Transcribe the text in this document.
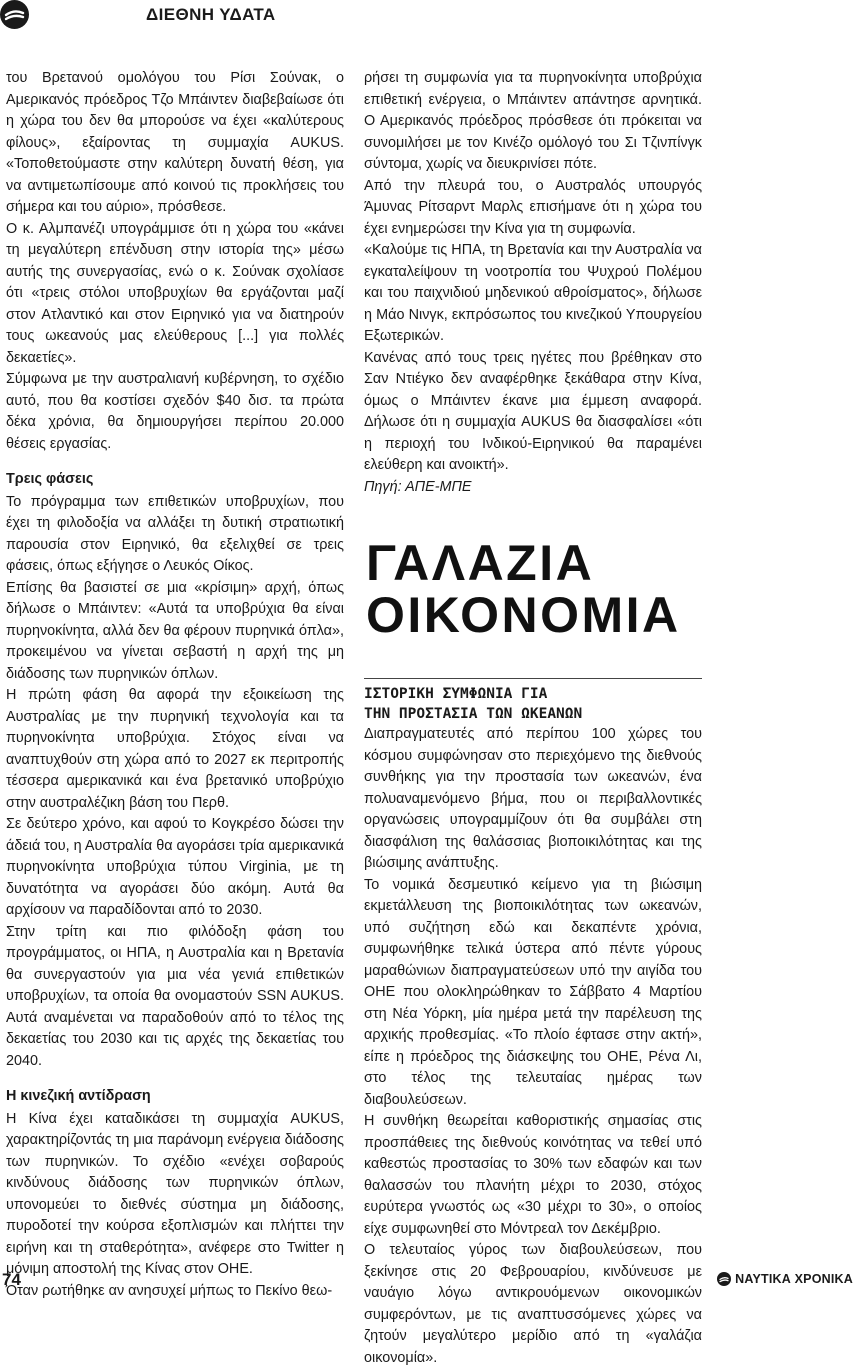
ΔΙΕΘΝΗ ΥΔΑΤΑ

του Βρετανού ομολόγου του Ρίσι Σούνακ, ο Αμερικανός πρόεδρος Τζο Μπάιντεν διαβεβαίωσε ότι η χώρα του δεν θα μπορούσε να έχει «καλύτερους φίλους», εξαίροντας τη συμμαχία AUKUS. «Τοποθετούμαστε στην καλύτερη δυνατή θέση, για να αντιμετωπίσουμε από κοινού τις προκλήσεις του σήμερα και του αύριο», πρόσθεσε.

Ο κ. Αλμπανέζι υπογράμμισε ότι η χώρα του «κάνει τη μεγαλύτερη επένδυση στην ιστορία της» μέσω αυτής της συνεργασίας, ενώ ο κ. Σούνακ σχολίασε ότι «τρεις στόλοι υποβρυχίων θα εργάζονται μαζί στον Ατλαντικό και στον Ειρηνικό για να διατηρούν τους ωκεανούς μας ελεύθερους [...] για πολλές δεκαετίες».

Σύμφωνα με την αυστραλιανή κυβέρνηση, το σχέδιο αυτό, που θα κοστίσει σχεδόν $40 δισ. τα πρώτα δέκα χρόνια, θα δημιουργήσει περίπου 20.000 θέσεις εργασίας.

Τρεις φάσεις

Το πρόγραμμα των επιθετικών υποβρυχίων, που έχει τη φιλοδοξία να αλλάξει τη δυτική στρατιωτική παρουσία στον Ειρηνικό, θα εξελιχθεί σε τρεις φάσεις, όπως εξήγησε ο Λευκός Οίκος.

Επίσης θα βασιστεί σε μια «κρίσιμη» αρχή, όπως δήλωσε ο Μπάιντεν: «Αυτά τα υποβρύχια θα είναι πυρηνοκίνητα, αλλά δεν θα φέρουν πυρηνικά όπλα», προκειμένου να γίνεται σεβαστή η αρχή της μη διάδοσης των πυρηνικών όπλων.

Η πρώτη φάση θα αφορά την εξοικείωση της Αυστραλίας με την πυρηνική τεχνολογία και τα πυρηνοκίνητα υποβρύχια. Στόχος είναι να αναπτυχθούν στη χώρα από το 2027 εκ περιτροπής τέσσερα αμερικανικά και ένα βρετανικό υποβρύχιο στην αυστραλέζικη βάση του Περθ.

Σε δεύτερο χρόνο, και αφού το Κογκρέσο δώσει την άδειά του, η Αυστραλία θα αγοράσει τρία αμερικανικά πυρηνοκίνητα υποβρύχια τύπου Virginia, με τη δυνατότητα να αγοράσει δύο ακόμη. Αυτά θα αρχίσουν να παραδίδονται από το 2030.

Στην τρίτη και πιο φιλόδοξη φάση του προγράμματος, οι ΗΠΑ, η Αυστραλία και η Βρετανία θα συνεργαστούν για μια νέα γενιά επιθετικών υποβρυχίων, τα οποία θα ονομαστούν SSN AUKUS. Αυτά αναμένεται να παραδοθούν από το τέλος της δεκαετίας του 2030 και τις αρχές της δεκαετίας του 2040.

Η κινεζική αντίδραση

Η Κίνα έχει καταδικάσει τη συμμαχία AUKUS, χαρακτηρίζοντάς τη μια παράνομη ενέργεια διάδοσης των πυρηνικών. Το σχέδιο «ενέχει σοβαρούς κινδύνους διάδοσης των πυρηνικών όπλων, υπονομεύει το διεθνές σύστημα μη διάδοσης, πυροδοτεί την κούρσα εξοπλισμών και πλήττει την ειρήνη και τη σταθερότητα», ανέφερε στο Twitter η μόνιμη αποστολή της Κίνας στον ΟΗΕ.

Όταν ρωτήθηκε αν ανησυχεί μήπως το Πεκίνο θεω-

ρήσει τη συμφωνία για τα πυρηνοκίνητα υποβρύχια επιθετική ενέργεια, ο Μπάιντεν απάντησε αρνητικά. Ο Αμερικανός πρόεδρος πρόσθεσε ότι πρόκειται να συνομιλήσει με τον Κινέζο ομόλογό του Σι Τζινπίνγκ σύντομα, χωρίς να διευκρινίσει πότε.

Από την πλευρά του, ο Αυστραλός υπουργός Άμυνας Ρίτσαρντ Μαρλς επισήμανε ότι η χώρα του έχει ενημερώσει την Κίνα για τη συμφωνία.

«Καλούμε τις ΗΠΑ, τη Βρετανία και την Αυστραλία να εγκαταλείψουν τη νοοτροπία του Ψυχρού Πολέμου και του παιχνιδιού μηδενικού αθροίσματος», δήλωσε η Μάο Νινγκ, εκπρόσωπος του κινεζικού Υπουργείου Εξωτερικών.

Κανένας από τους τρεις ηγέτες που βρέθηκαν στο Σαν Ντιέγκο δεν αναφέρθηκε ξεκάθαρα στην Κίνα, όμως ο Μπάιντεν έκανε μια έμμεση αναφορά. Δήλωσε ότι η συμμαχία AUKUS θα διασφαλίσει «ότι η περιοχή του Ινδικού-Ειρηνικού θα παραμένει ελεύθερη και ανοικτή».

Πηγή: ΑΠΕ-ΜΠΕ

ΓΑΛΑΖΙΑ
ΟΙΚΟΝΟΜΙΑ
ΙΣΤΟΡΙΚΗ ΣΥΜΦΩΝΙΑ ΓΙΑ
ΤΗΝ ΠΡΟΣΤΑΣΙΑ ΤΩΝ ΩΚΕΑΝΩΝ

Διαπραγματευτές από περίπου 100 χώρες του κόσμου συμφώνησαν στο περιεχόμενο της διεθνούς συνθήκης για την προστασία των ωκεανών, ένα πολυαναμενόμενο βήμα, που οι περιβαλλοντικές οργανώσεις υπογραμμίζουν ότι θα συμβάλει στη διασφάλιση της θαλάσσιας βιοποικιλότητας και της βιώσιμης ανάπτυξης.

Το νομικά δεσμευτικό κείμενο για τη βιώσιμη εκμετάλλευση της βιοποικιλότητας των ωκεανών, υπό συζήτηση εδώ και δεκαπέντε χρόνια, συμφωνήθηκε τελικά ύστερα από πέντε γύρους μαραθώνιων διαπραγματεύσεων υπό την αιγίδα του ΟΗΕ που ολοκληρώθηκαν το Σάββατο 4 Μαρτίου στη Νέα Υόρκη, μία ημέρα μετά την παρέλευση της αρχικής προθεσμίας. «Το πλοίο έφτασε στην ακτή», είπε η πρόεδρος της διάσκεψης του ΟΗΕ, Ρένα Λι, στο τέλος της τελευταίας ημέρας των διαβουλεύσεων.

Η συνθήκη θεωρείται καθοριστικής σημασίας στις προσπάθειες της διεθνούς κοινότητας να τεθεί υπό καθεστώς προστασίας το 30% των εδαφών και των θαλασσών του πλανήτη μέχρι το 2030, στόχος ευρύτερα γνωστός ως «30 μέχρι το 30», ο οποίος είχε συμφωνηθεί στο Μόντρεαλ τον Δεκέμβριο.

Ο τελευταίος γύρος των διαβουλεύσεων, που ξεκίνησε στις 20 Φεβρουαρίου, κινδύνευσε με ναυάγιο λόγω αντικρουόμενων οικονομικών συμφερόντων, με τις αναπτυσσόμενες χώρες να ζητούν μεγαλύτερο μερίδιο από τη «γαλάζια οικονομία».

74	ΝΑΥΤΙΚΑ ΧΡΟΝΙΚΑ
